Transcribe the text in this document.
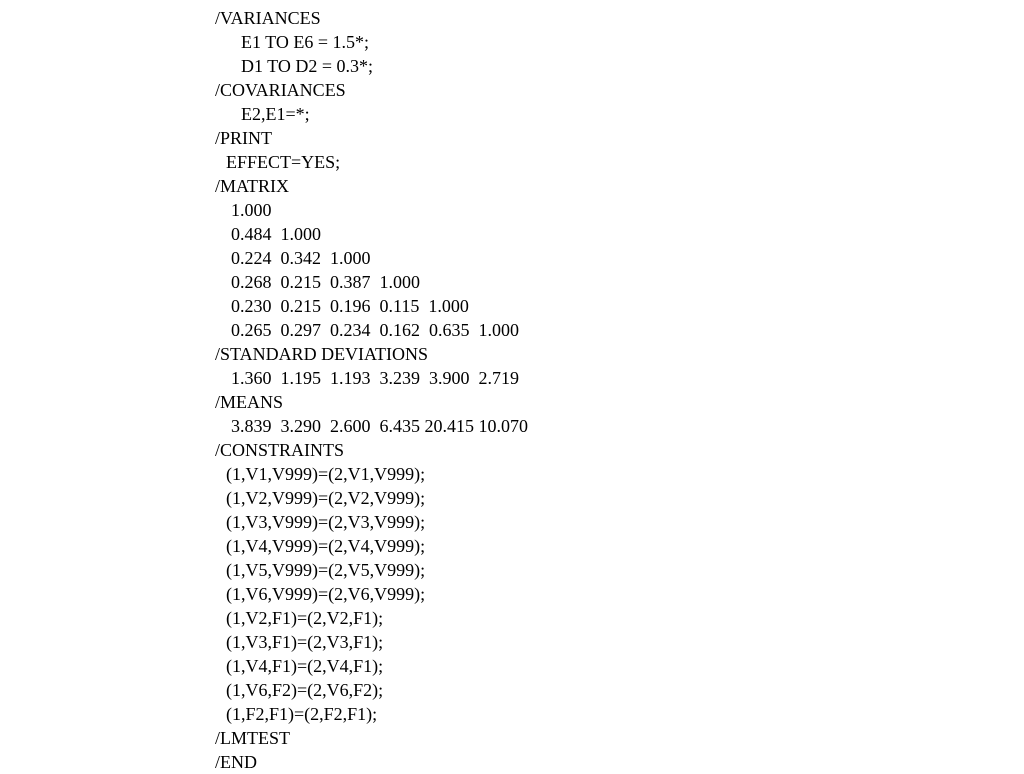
/VARIANCES
E1 TO E6 = 1.5*;
D1 TO D2 = 0.3*;
/COVARIANCES
E2,E1=*;
/PRINT
EFFECT=YES;
/MATRIX
1.000
0.484  1.000
0.224  0.342  1.000
0.268  0.215  0.387  1.000
0.230  0.215  0.196  0.115  1.000
0.265  0.297  0.234  0.162  0.635  1.000
/STANDARD DEVIATIONS
1.360  1.195  1.193  3.239  3.900  2.719
/MEANS
3.839  3.290  2.600  6.435 20.415 10.070
/CONSTRAINTS
(1,V1,V999)=(2,V1,V999);
(1,V2,V999)=(2,V2,V999);
(1,V3,V999)=(2,V3,V999);
(1,V4,V999)=(2,V4,V999);
(1,V5,V999)=(2,V5,V999);
(1,V6,V999)=(2,V6,V999);
(1,V2,F1)=(2,V2,F1);
(1,V3,F1)=(2,V3,F1);
(1,V4,F1)=(2,V4,F1);
(1,V6,F2)=(2,V6,F2);
(1,F2,F1)=(2,F2,F1);
/LMTEST
/END
